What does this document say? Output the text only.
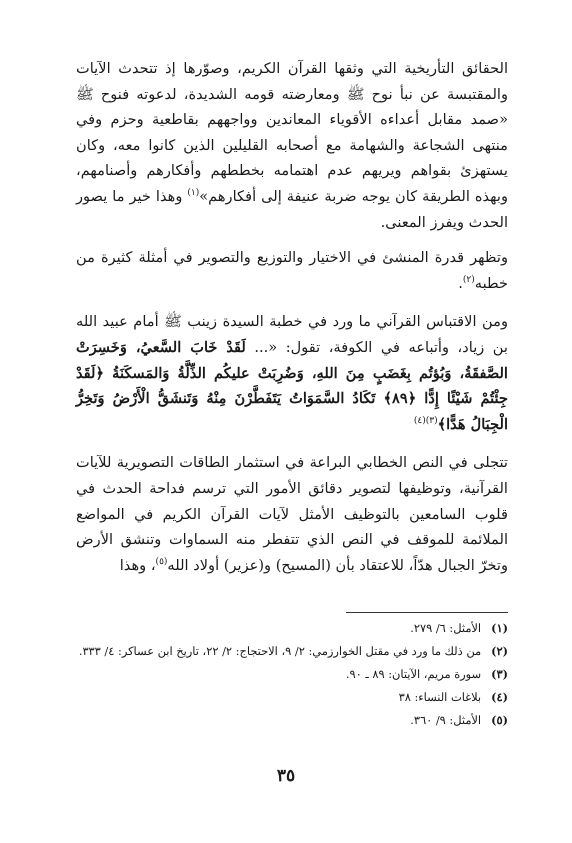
الحقائق التأريخية التي وثقها القرآن الكريم، وصوّرها إذ تتحدث الآيات والمقتبسة عن نبأ نوح ﷺ ومعارضته قومه الشديدة، لدعوته فنوح ﷺ «صمد مقابل أعداءه الأقوياء المعاندين وواجههم بقاطعية وحزم وفي منتهى الشجاعة والشهامة مع أصحابه القليلين الذين كانوا معه، وكان يستهزئ بقواهم ويريهم عدم اهتمامه بخططهم وأفكارهم وأصنامهم، وبهذه الطريقة كان يوجه ضربة عنيفة إلى أفكارهم»$^{(١)}$ وهذا خير ما يصور الحدث ويفرز المعنى.

وتظهر قدرة المنشئ في الاختيار والتوزيع والتصوير في أمثلة كثيرة من خطبه$^{(٢)}$.

ومن الاقتباس القرآني ما ورد في خطبة السيدة زينب ﷺ أمام عبيد الله بن زياد، وأتباعه في الكوفة، تقول: «... لَقَدْ خَابَ السَّعيُ، وَخَسِرَتْ الصَّفقَةُ، وَبُؤتُم بِغَضَبٍ مِنَ اللهِ، وَضُرِبَتْ عليكُم الذِّلَّةُ وَالمَسكَنَةُ ﴿لَقَدْ جِئْتُمْ شَيْئًا إِدًّا ﴿٨٩﴾ تَكَادُ السَّمَوَاتُ يَتَفَطَّرْنَ مِنْهُ وَتَنشَقُّ الْأَرْضُ وَتَخِرُّ الْجِبَالُ هَدًّا﴾$^{(٣)(٤)}$

تتجلى في النص الخطابي البراعة في استثمار الطاقات التصويرية للآيات القرآنية، وتوظيفها لتصوير دقائق الأمور التي ترسم فداحة الحدث في قلوب السامعين بالتوظيف الأمثل لآيات القرآن الكريم في المواضع الملائمة للموقف في النص الذي تتفطر منه السماوات وتنشق الأرض وتخرّ الجبال هدّاً، للاعتقاد بأن (المسيح) و(عزير) أولاد الله$^{(٥)}$، وهذا

(١)
الأمثل: ٦/ ٢٧٩.
(٢)
من ذلك ما ورد في مقتل الخوارزمي: ٢/ ٩، الاحتجاج: ٢/ ٢٢، تاريخ ابن عساكر: ٤/ ٣٣٣.
(٣)
سورة مريم، الآيتان: ٨٩ ـ ٩٠.
(٤)
بلاغات النساء: ٣٨
(٥)
الأمثل: ٩/ ٣٦٠.
٣٥
